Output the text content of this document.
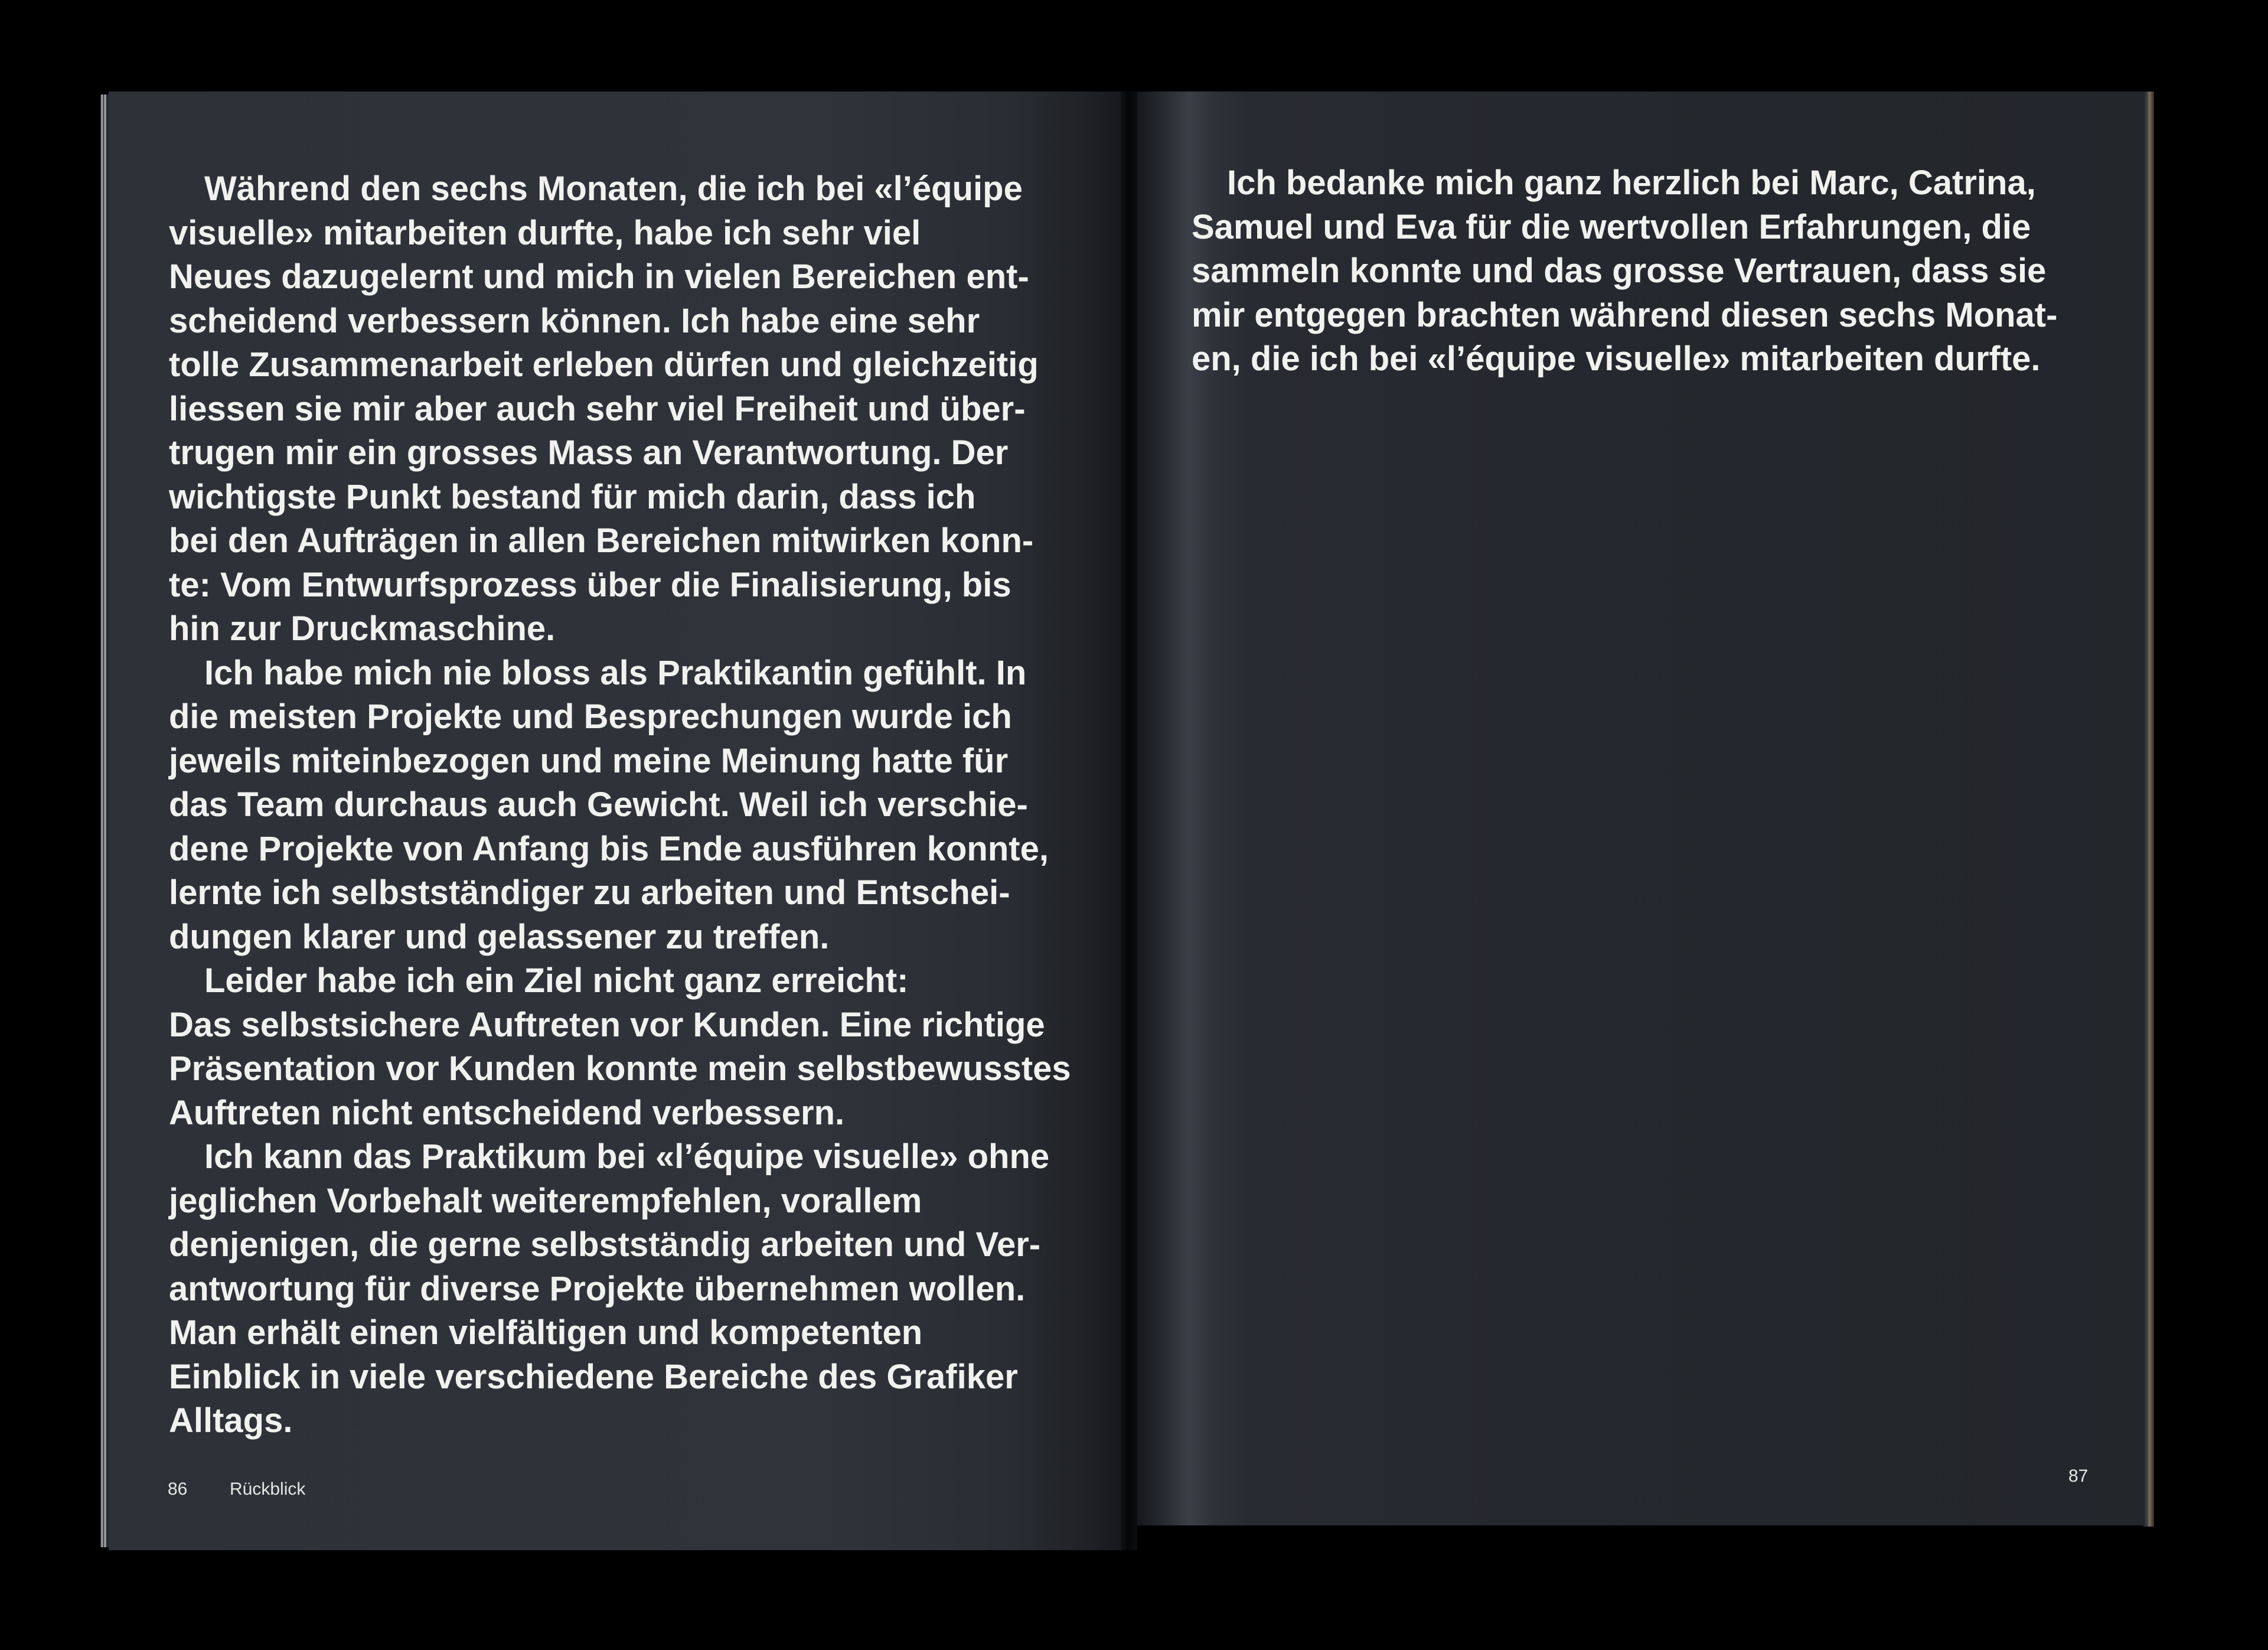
Während den sechs Monaten, die ich bei «l’équipe
visuelle» mitarbeiten durfte, habe ich sehr viel
Neues dazugelernt und mich in vielen Bereichen ent-
scheidend verbessern können. Ich habe eine sehr
tolle Zusammenarbeit erleben dürfen und gleichzeitig
liessen sie mir aber auch sehr viel Freiheit und über-
trugen mir ein grosses Mass an Verantwortung. Der
wichtigste Punkt bestand für mich darin, dass ich
bei den Aufträgen in allen Bereichen mitwirken konn-
te: Vom Entwurfsprozess über die Finalisierung, bis
hin zur Druckmaschine.
Ich habe mich nie bloss als Praktikantin gefühlt. In
die meisten Projekte und Besprechungen wurde ich
jeweils miteinbezogen und meine Meinung hatte für
das Team durchaus auch Gewicht. Weil ich verschie-
dene Projekte von Anfang bis Ende ausführen konnte,
lernte ich selbstständiger zu arbeiten und Entschei-
dungen klarer und gelassener zu treffen.
Leider habe ich ein Ziel nicht ganz erreicht:
Das selbstsichere Auftreten vor Kunden. Eine richtige
Präsentation vor Kunden konnte mein selbstbewusstes
Auftreten nicht entscheidend verbessern.
Ich kann das Praktikum bei «l’équipe visuelle» ohne
jeglichen Vorbehalt weiterempfehlen, vorallem
denjenigen, die gerne selbstständig arbeiten und Ver-
antwortung für diverse Projekte übernehmen wollen.
Man erhält einen vielfältigen und kompetenten
Einblick in viele verschiedene Bereiche des Grafiker
Alltags.
86 Rückblick
Ich bedanke mich ganz herzlich bei Marc, Catrina,
Samuel und Eva für die wertvollen Erfahrungen, die
sammeln konnte und das grosse Vertrauen, dass sie
mir entgegen brachten während diesen sechs Monat-
en, die ich bei «l’équipe visuelle» mitarbeiten durfte.
87
